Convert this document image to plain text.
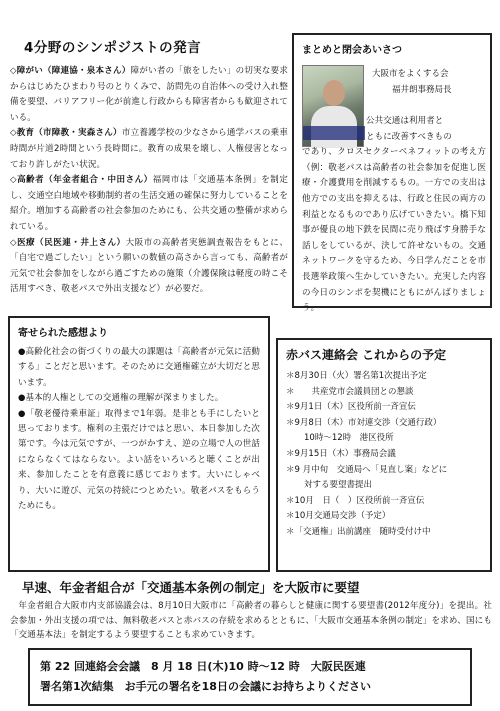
4分野のシンポジストの発言

◇障がい（障連協・泉本さん）障がい者の「旅をしたい」の切実な要求からはじめたひまわり号のとりくみで、訪問先の自治体への受け入れ整備を要望、バリアフリー化が前進し行政からも障害者からも歓迎されている。

◇教育（市障教・実森さん）市立養護学校の少なさから通学バスの乗車時間が片道2時間という長時間に。教育の成果を壊し、人権侵害となっており許しがたい状況。

◇高齢者（年金者組合・中田さん）福岡市は「交通基本条例」を制定し、交通空白地域や移動制約者の生活交通の確保に努力していることを紹介。増加する高齢者の社会参加のためにも、公共交通の整備が求められている。

◇医療（民医連・井上さん）大阪市の高齢者実態調査報告をもとに、「自宅で過ごしたい」という願いの数値の高さから言っても、高齢者が元気で社会参加をしながら過ごすための施策（介護保険は軽度の時こそ活用すべき、敬老パスで外出支援など）が必要だ。

まとめと閉会あいさつ
大阪市をよくする会
福井朗事務局長
公共交通は利用者と
ともに改善すべきもの
であり、クロスセクターベネフィットの考え方（例：敬老パスは高齢者の社会参加を促進し医療・介護費用を削減するもの。一方での支出は他方での支出を抑えるは、行政と住民の両方の利益となるものであり広げていきたい。橋下知事が優良の地下鉄を民間に売り飛ばす身勝手な話しをしているが、決して許せないもの。交通ネットワークを守るため、今日学んだことを市長選挙政策へ生かしていきたい。充実した内容の今日のシンポを契機にともにがんばりましょう。
寄せられた感想より

●高齢化社会の街づくりの最大の課題は「高齢者が元気に活動する」ことだと思います。そのために交通権確立が大切だと思います。

●基本的人権としての交通権の理解が深まりました。

●「敬老優待乗車証」取得まで1年弱。是非とも手にしたいと思っております。権利の主張だけではと思い、本日参加した次第です。今は元気ですが、一つがかすえ、逆の立場で人の世話にならなくてはならない。よい話をいろいろと聴くことが出来、参加したことを有意義に感じております。大いにしゃべり、大いに遊び、元気の持続につとめたい。敬老パスをもらうためにも。

赤バス連絡会 これからの予定
＊8月30日（火）署名第1次提出予定
＊　　共産党市会議員団との懇談
＊9月1日（木）区役所前一斉宣伝
＊9月8日（木）市対連交渉（交通行政）
10時～12時　港区役所
＊9月15日（木）事務局会議
＊9 月中旬　交通局へ「見直し案」などに
対する要望書提出
＊10月　日（　）区役所前一斉宣伝
＊10月交通局交渉（予定）
＊「交通権」出前講座　随時受付け中
早速、年金者組合が「交通基本条例の制定」を大阪市に要望

年金者組合大阪市内支部協議会は、8月10日大阪市に「高齢者の暮らしと健康に関する要望書(2012年度分)」を提出。社会参加・外出支援の項では、無料敬老パスと赤バスの存続を求めるとともに、「大阪市交通基本条例の制定」を求め、国にも「交通基本法」を制定するよう要望することも求めていきます。

第 22 回連絡会会議　8 月 18 日(木)10 時～12 時　大阪民医連
署名第1次結集　お手元の署名を18日の会議にお持ちよりください
